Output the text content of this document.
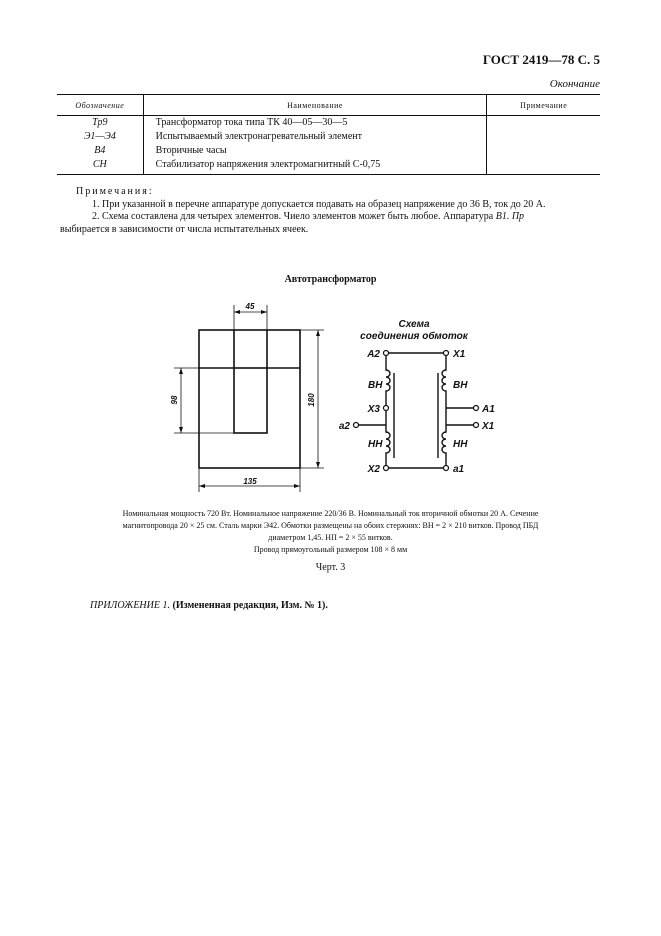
ГОСТ 2419—78 С. 5
Окончание
Обозначение	Наименование	Примечание
Тр9	Трансформатор тока типа ТК 40—05—30—5	
Э1—Э4	Испытываемый электронагревательный элемент	
В4	Вторичные часы	
СН	Стабилизатор напряжения электромагнитный С-0,75	
Примечания:
1. При указанной в перечне аппаратуре допускается подавать на образец напряжение до 36 В, ток до 20 А.
2. Схема составлена для четырех элементов. Чиело элементов может быть любое. Аппаратура В1. Пр
выбирается в зависимости от числа испытательных ячеек.
Автотрансформатор
45
98	180
135
Схема
соединения обмоток
A2	X1
X3
a2
A1
X1
X2	a1
ВН	ВН
НН	НН
Номинальная мощность 720 Вт. Номинальное напряжение 220/36 В. Номинальный ток вторичной обмотки 20 А. Сечение
магнитопровода 20 × 25 см. Сталь марки Э42. Обмотки размещены на обоих стержнях: ВН = 2 × 210 витков. Провод ПБД
диаметром 1,45. НП = 2 × 55 витков.
Провод прямоугольный размером 108 × 8 мм
Черт. 3
ПРИЛОЖЕНИЕ 1. (Измененная редакция, Изм. № 1).
